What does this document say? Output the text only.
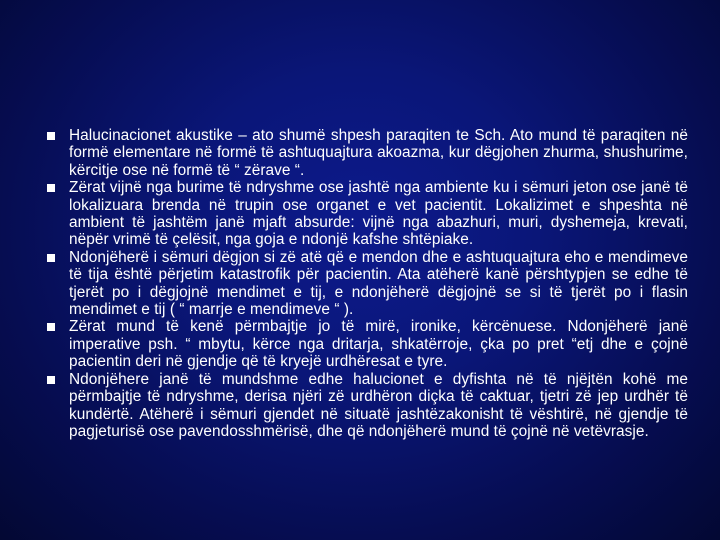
Halucinacionet akustike – ato shumë shpesh paraqiten te Sch. Ato mund të paraqiten në formë elementare në formë të ashtuquajtura akoazma, kur dëgjohen zhurma, shushurime, kërcitje ose në formë të “ zërave “.
Zërat vijnë nga burime të ndryshme ose jashtë nga ambiente ku i sëmuri jeton ose janë të lokalizuara brenda në trupin ose organet e vet pacientit. Lokalizimet e shpeshta në ambient të jashtëm janë mjaft absurde: vijnë nga abazhuri, muri, dyshemeja, krevati, nëpër vrimë të çelësit, nga goja e ndonjë kafshe shtëpiake.
Ndonjëherë i sëmuri dëgjon si zë atë që e mendon dhe e ashtuquajtura eho e mendimeve të tija është përjetim katastrofik për pacientin. Ata atëherë kanë përshtypjen se edhe të tjerët po i dëgjojnë mendimet e tij, e ndonjëherë dëgjojnë se si të tjerët po i flasin mendimet e tij ( “ marrje e mendimeve “ ).
Zërat mund të kenë përmbajtje jo të mirë, ironike, kërcënuese. Ndonjëherë janë imperative psh. “ mbytu, kërce nga dritarja, shkatërroje, çka po pret “etj dhe e çojnë pacientin deri në gjendje që të kryejë urdhëresat e tyre.
Ndonjëhere janë të mundshme edhe halucionet e dyfishta në të njëjtën kohë me përmbajtje të ndryshme, derisa njëri zë urdhëron diçka të caktuar, tjetri zë jep urdhër të kundërtë. Atëherë i sëmuri gjendet në situatë jashtëzakonisht të vështirë, në gjendje të pagjeturisë ose pavendosshmërisë, dhe që ndonjëherë mund të çojnë në vetëvrasje.
